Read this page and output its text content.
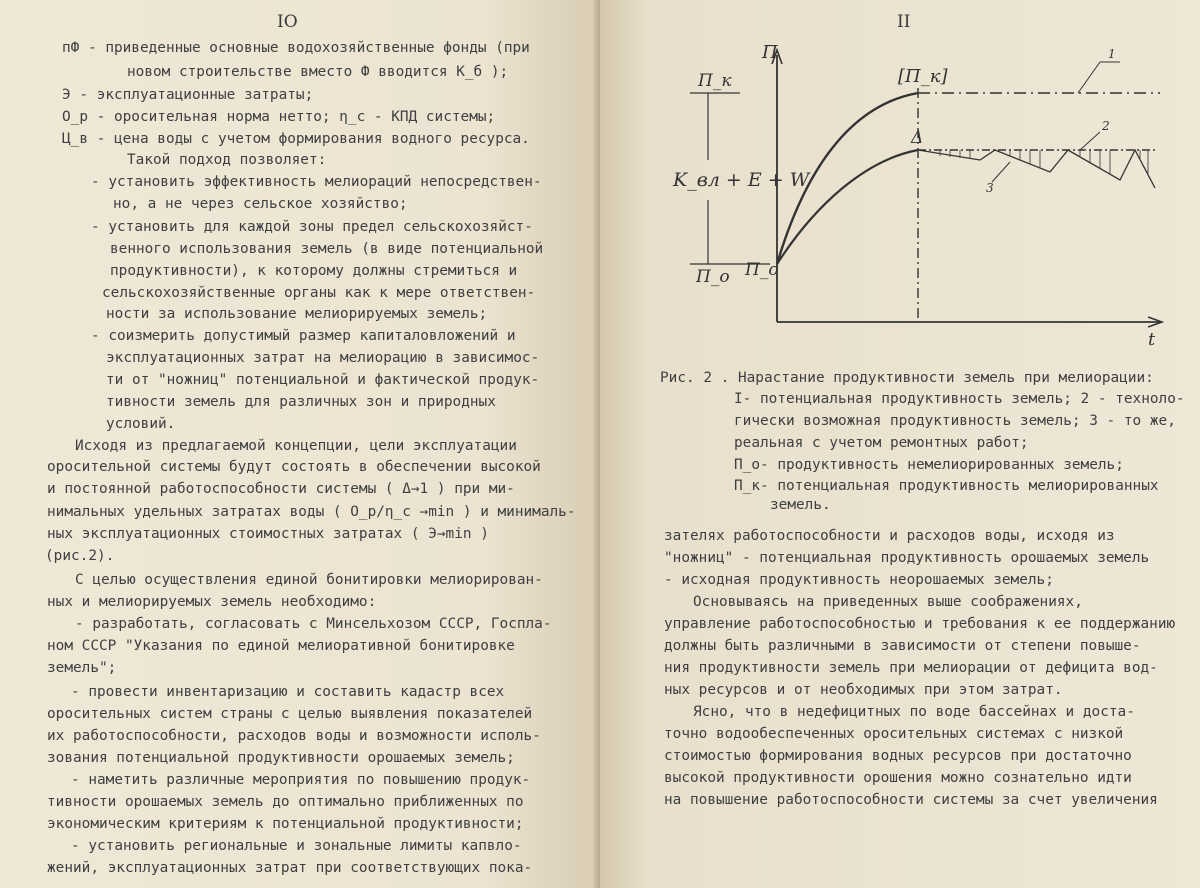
IO
пФ - приведенные основные водохозяйственные фонды (при
новом строительстве вместо Ф вводится K_б );
Э - эксплуатационные затраты;
О_р - оросительная норма нетто; η_с - КПД системы;
Ц_в - цена воды с учетом формирования водного ресурса.
Такой подход позволяет:
- установить эффективность мелиораций непосредствен-
но, а не через сельское хозяйство;
- установить для каждой зоны предел сельскохозяйст-
венного использования земель (в виде потенциальной
продуктивности), к которому должны стремиться и
сельскохозяйственные органы как к мере ответствен-
ности за использование мелиорируемых земель;
- соизмерить допустимый размер капиталовложений и
эксплуатационных затрат на мелиорацию в зависимос-
ти от "ножниц" потенциальной и фактической продук-
тивности земель для различных зон и природных
условий.
Исходя из предлагаемой концепции, цели эксплуатации
оросительной системы будут состоять в обеспечении высокой
и постоянной работоспособности системы ( Δ→1 ) при ми-
нимальных удельных затратах воды ( О_р/η_с →min ) и минималь-
ных эксплуатационных стоимостных затратах ( Э→min )
(рис.2).
С целью осуществления единой бонитировки мелиорирован-
ных и мелиорируемых земель необходимо:
- разработать, согласовать с Минсельхозом СССР, Госпла-
ном СССР "Указания по единой мелиоративной бонитировке
земель";
- провести инвентаризацию и составить кадастр всех
оросительных систем страны с целью выявления показателей
их работоспособности, расходов воды и возможности исполь-
зования потенциальной продуктивности орошаемых земель;
- наметить различные мероприятия по повышению продук-
тивности орошаемых земель до оптимально приближенных по
экономическим критериям к потенциальной продуктивности;
- установить региональные и зональные лимиты капвло-
жений, эксплуатационных затрат при соответствующих пока-
II
П
t
П_к	[П_к]
П_о П_о
K_вл + E + W
Δ
1
2
3
Рис. 2 . Нарастание продуктивности земель при мелиорации:
I- потенциальная продуктивность земель; 2 - техноло-
гически возможная продуктивность земель; 3 - то же,
реальная с учетом ремонтных работ;
П_о- продуктивность немелиорированных земель;
П_к- потенциальная продуктивность мелиорированных
земель.
зателях работоспособности и расходов воды, исходя из
"ножниц" - потенциальная продуктивность орошаемых земель
- исходная продуктивность неорошаемых земель;
Основываясь на приведенных выше соображениях,
управление работоспособностью и требования к ее поддержанию
должны быть различными в зависимости от степени повыше-
ния продуктивности земель при мелиорации от дефицита вод-
ных ресурсов и от необходимых при этом затрат.
Ясно, что в недефицитных по воде бассейнах и доста-
точно водообеспеченных оросительных системах с низкой
стоимостью формирования водных ресурсов при достаточно
высокой продуктивности орошения можно сознательно идти
на повышение работоспособности системы за счет увеличения
